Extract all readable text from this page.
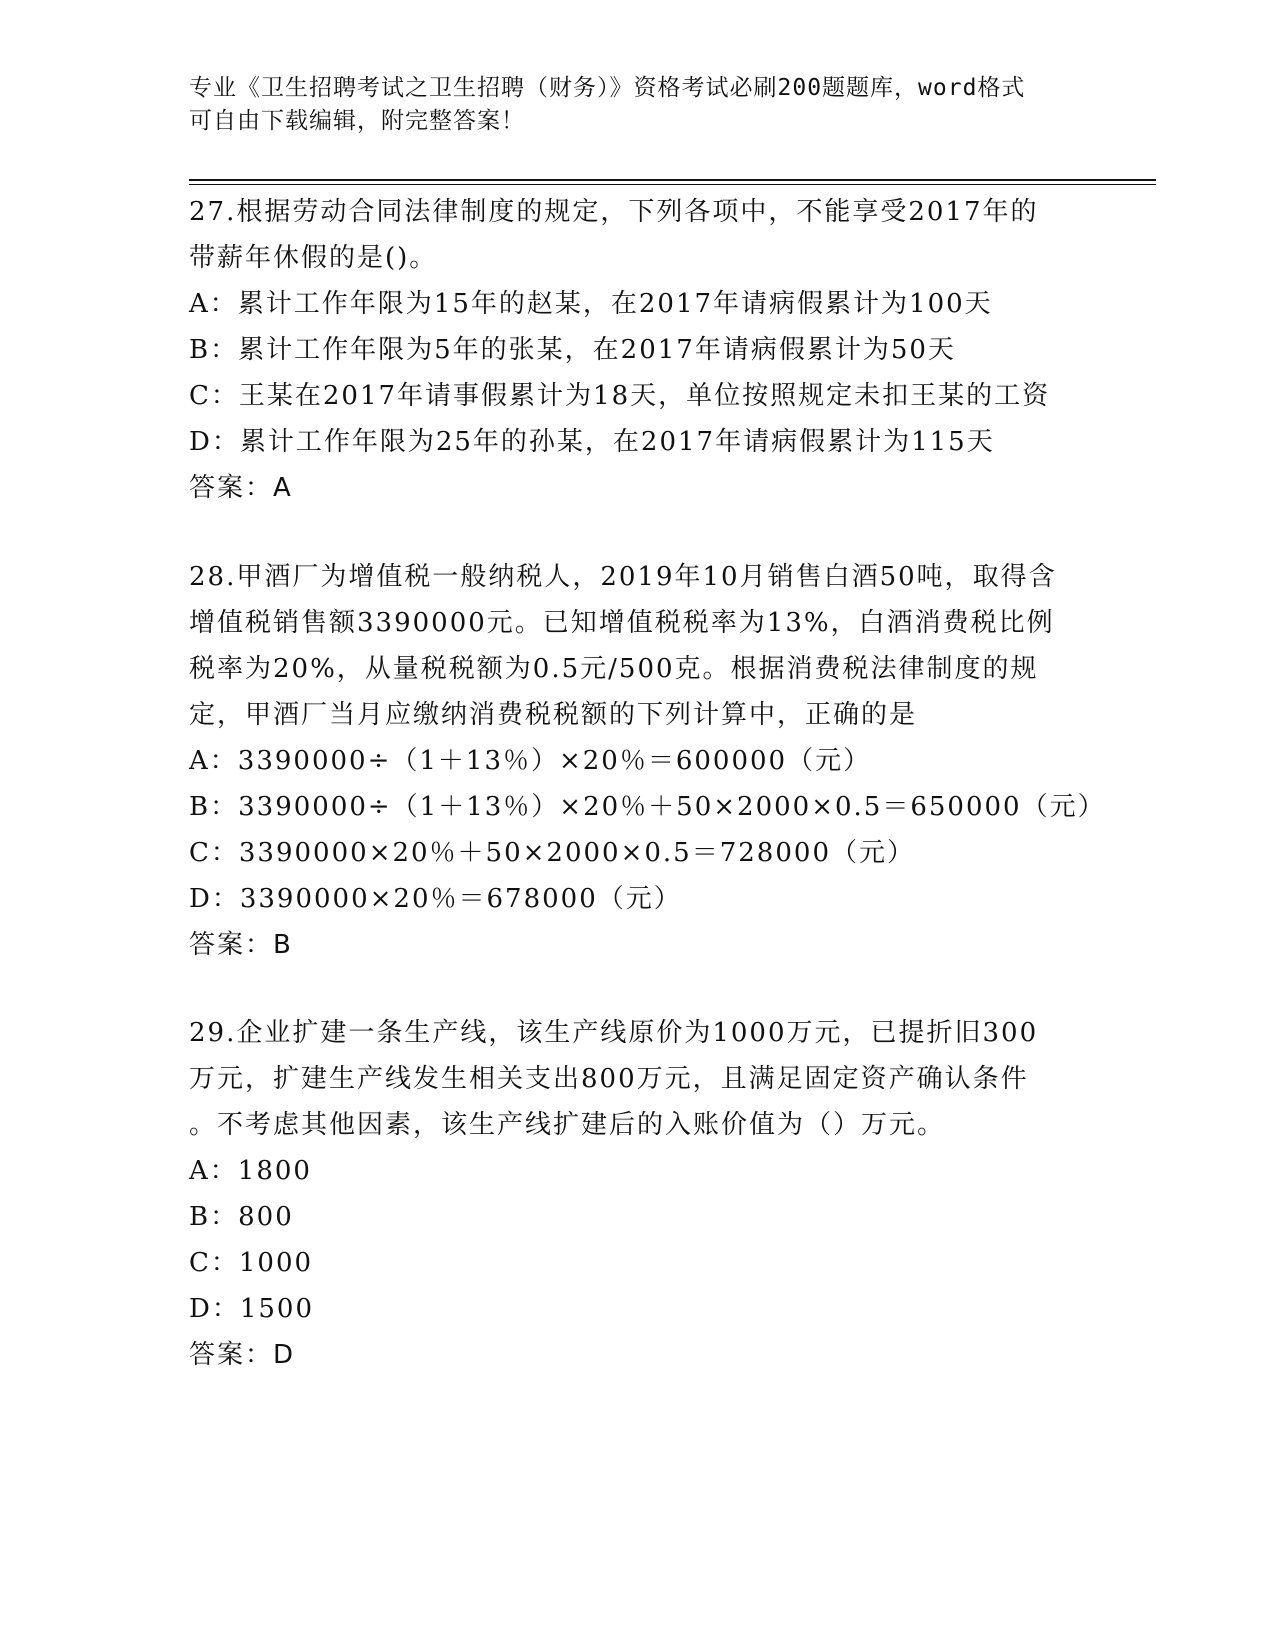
专业《卫生招聘考试之卫生招聘（财务）》资格考试必刷200题题库，word格式
可自由下载编辑，附完整答案！
27.根据劳动合同法律制度的规定，下列各项中，不能享受2017年的
带薪年休假的是()。
A：累计工作年限为15年的赵某，在2017年请病假累计为100天
B：累计工作年限为5年的张某，在2017年请病假累计为50天
C：王某在2017年请事假累计为18天，单位按照规定未扣王某的工资
D：累计工作年限为25年的孙某，在2017年请病假累计为115天
答案：A
28.甲酒厂为增值税一般纳税人，2019年10月销售白酒50吨，取得含
增值税销售额3390000元。已知增值税税率为13%，白酒消费税比例
税率为20%，从量税税额为0.5元/500克。根据消费税法律制度的规
定，甲酒厂当月应缴纳消费税税额的下列计算中，正确的是
A：3390000÷（1＋13％）×20％＝600000（元）
B：3390000÷（1＋13％）×20％＋50×2000×0.5＝650000（元）
C：3390000×20％＋50×2000×0.5＝728000（元）
D：3390000×20％＝678000（元）
答案：B
29.企业扩建一条生产线，该生产线原价为1000万元，已提折旧300
万元，扩建生产线发生相关支出800万元，且满足固定资产确认条件
。不考虑其他因素，该生产线扩建后的入账价值为（）万元。
A：1800
B：800
C：1000
D：1500
答案：D
